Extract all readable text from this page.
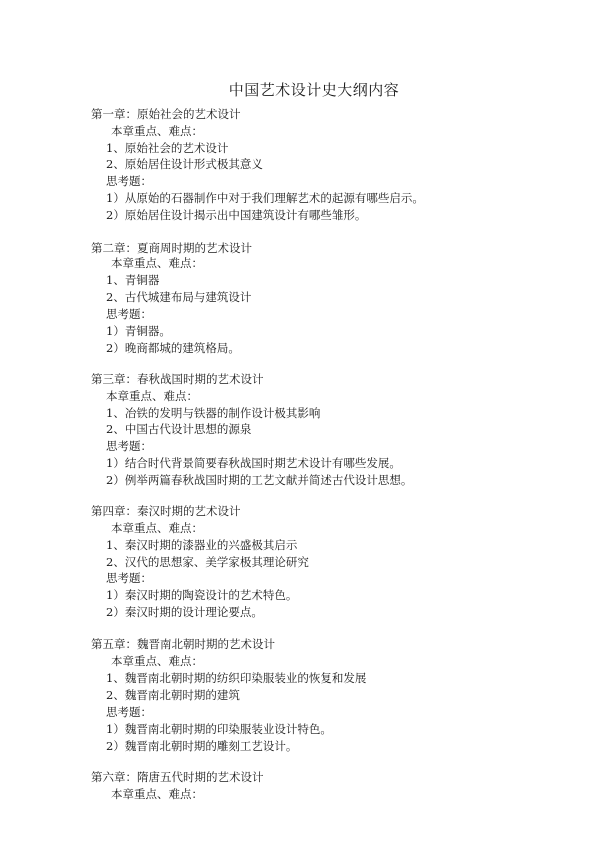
中国艺术设计史大纲内容
第一章：原始社会的艺术设计
本章重点、难点：
1、原始社会的艺术设计
2、原始居住设计形式极其意义
思考题：
1）从原始的石器制作中对于我们理解艺术的起源有哪些启示。
2）原始居住设计揭示出中国建筑设计有哪些雏形。
第二章：夏商周时期的艺术设计
本章重点、难点：
1、青铜器
2、古代城建布局与建筑设计
思考题：
1）青铜器。
2）晚商都城的建筑格局。
第三章：春秋战国时期的艺术设计
本章重点、难点：
1、冶铁的发明与铁器的制作设计极其影响
2、中国古代设计思想的源泉
思考题：
1）结合时代背景简要春秋战国时期艺术设计有哪些发展。
2）例举两篇春秋战国时期的工艺文献并简述古代设计思想。
第四章：秦汉时期的艺术设计
本章重点、难点：
1、秦汉时期的漆器业的兴盛极其启示
2、汉代的思想家、美学家极其理论研究
思考题：
1）秦汉时期的陶瓷设计的艺术特色。
2）秦汉时期的设计理论要点。
第五章：魏晋南北朝时期的艺术设计
本章重点、难点：
1、魏晋南北朝时期的纺织印染服装业的恢复和发展
2、魏晋南北朝时期的建筑
思考题：
1）魏晋南北朝时期的印染服装业设计特色。
2）魏晋南北朝时期的雕刻工艺设计。
第六章：隋唐五代时期的艺术设计
本章重点、难点：
